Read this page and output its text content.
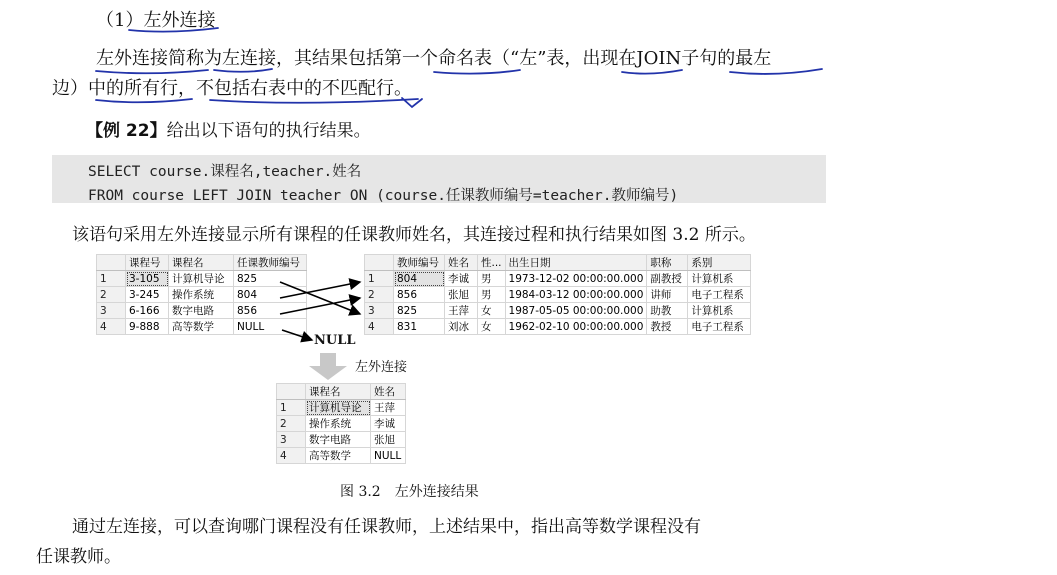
（1）左外连接
左外连接简称为左连接，其结果包括第一个命名表（“左”表，出现在JOIN子句的最左
边）中的所有行，不包括右表中的不匹配行。
【例 22】给出以下语句的执行结果。
SELECT course.课程名,teacher.姓名
FROM course LEFT JOIN teacher ON (course.任课教师编号=teacher.教师编号)
该语句采用左外连接显示所有课程的任课教师姓名，其连接过程和执行结果如图 3.2 所示。
	课程号	课程名	任课教师编号
1	3-105	计算机导论	825
2	3-245	操作系统	804
3	6-166	数字电路	856
4	9-888	高等数学	NULL
	教师编号	姓名	性...	出生日期	职称	系别
1	804	李诚	男	1973-12-02 00:00:00.000	副教授	计算机系
2	856	张旭	男	1984-03-12 00:00:00.000	讲师	电子工程系
3	825	王萍	女	1987-05-05 00:00:00.000	助教	计算机系
4	831	刘冰	女	1962-02-10 00:00:00.000	教授	电子工程系
NULL
左外连接
	课程名	姓名
1	计算机导论	王萍
2	操作系统	李诚
3	数字电路	张旭
4	高等数学	NULL
图 3.2　左外连接结果
通过左连接，可以查询哪门课程没有任课教师，上述结果中，指出高等数学课程没有
任课教师。
